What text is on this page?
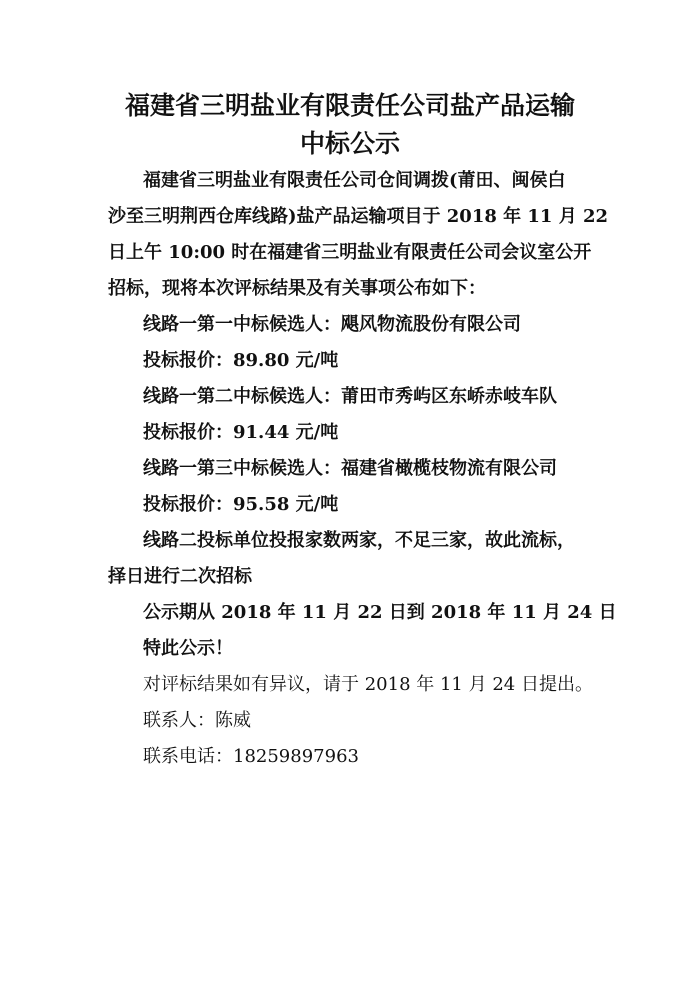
福建省三明盐业有限责任公司盐产品运输
中标公示

福建省三明盐业有限责任公司仓间调拨(莆田、闽侯白

沙至三明荆西仓库线路)盐产品运输项目于 2018 年 11 月 22

日上午 10:00 时在福建省三明盐业有限责任公司会议室公开

招标，现将本次评标结果及有关事项公布如下：

线路一第一中标候选人：飓风物流股份有限公司

投标报价：89.80 元/吨

线路一第二中标候选人：莆田市秀屿区东峤赤岐车队

投标报价：91.44 元/吨

线路一第三中标候选人：福建省橄榄枝物流有限公司

投标报价：95.58 元/吨

线路二投标单位投报家数两家，不足三家，故此流标，

择日进行二次招标

公示期从 2018 年 11 月 22 日到 2018 年 11 月 24 日

特此公示！

对评标结果如有异议，请于 2018 年 11 月 24 日提出。

联系人：陈威

联系电话：18259897963
